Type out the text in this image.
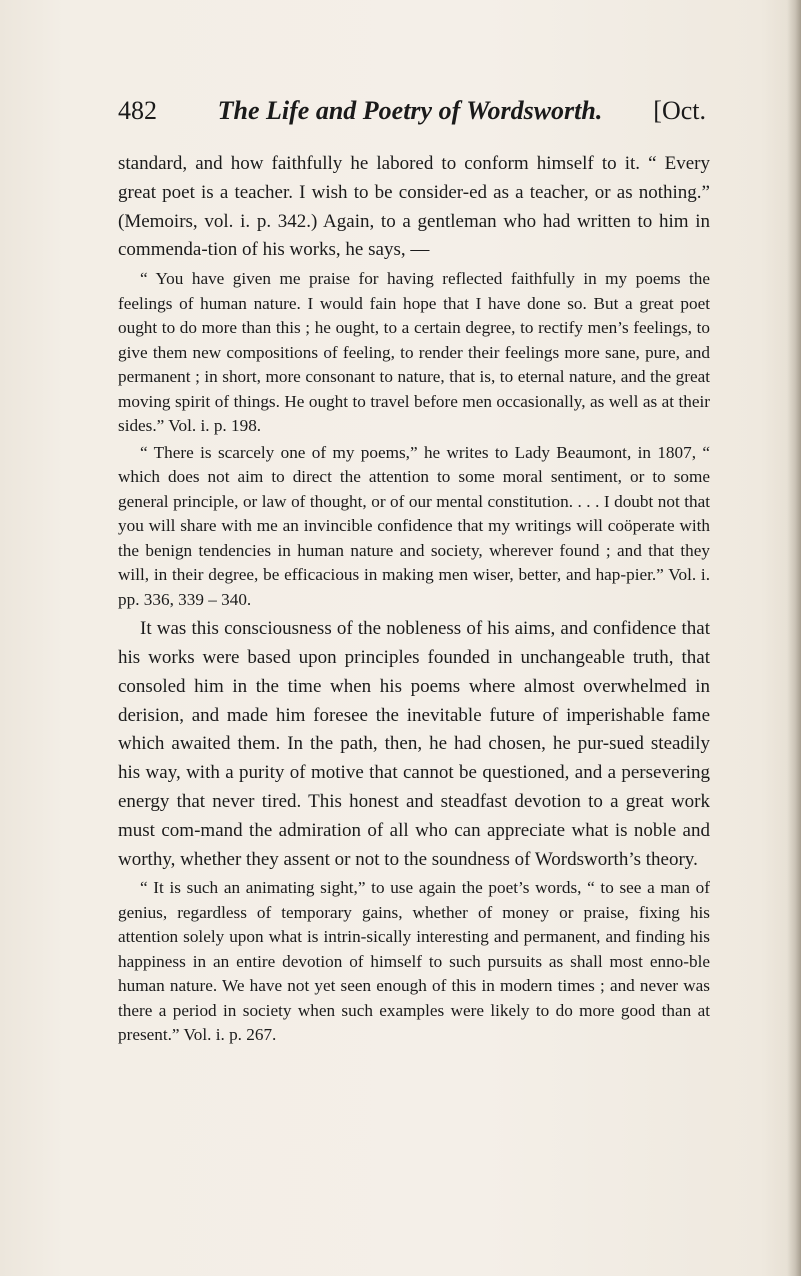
482	The Life and Poetry of Wordsworth.	[Oct.

standard, and how faithfully he labored to conform himself to it. “ Every great poet is a teacher. I wish to be consider-ed as a teacher, or as nothing.” (Memoirs, vol. i. p. 342.) Again, to a gentleman who had written to him in commenda-tion of his works, he says, —

“ You have given me praise for having reflected faithfully in my poems the feelings of human nature. I would fain hope that I have done so. But a great poet ought to do more than this ; he ought, to a certain degree, to rectify men’s feelings, to give them new compositions of feeling, to render their feelings more sane, pure, and permanent ; in short, more consonant to nature, that is, to eternal nature, and the great moving spirit of things. He ought to travel before men occasionally, as well as at their sides.” Vol. i. p. 198.

“ There is scarcely one of my poems,” he writes to Lady Beaumont, in 1807, “ which does not aim to direct the attention to some moral sentiment, or to some general principle, or law of thought, or of our mental constitution. . . . I doubt not that you will share with me an invincible confidence that my writings will coöperate with the benign tendencies in human nature and society, wherever found ; and that they will, in their degree, be efficacious in making men wiser, better, and hap-pier.” Vol. i. pp. 336, 339 – 340.

It was this consciousness of the nobleness of his aims, and confidence that his works were based upon principles founded in unchangeable truth, that consoled him in the time when his poems where almost overwhelmed in derision, and made him foresee the inevitable future of imperishable fame which awaited them. In the path, then, he had chosen, he pur-sued steadily his way, with a purity of motive that cannot be questioned, and a persevering energy that never tired. This honest and steadfast devotion to a great work must com-mand the admiration of all who can appreciate what is noble and worthy, whether they assent or not to the soundness of Wordsworth’s theory.

“ It is such an animating sight,” to use again the poet’s words, “ to see a man of genius, regardless of temporary gains, whether of money or praise, fixing his attention solely upon what is intrin-sically interesting and permanent, and finding his happiness in an entire devotion of himself to such pursuits as shall most enno-ble human nature. We have not yet seen enough of this in modern times ; and never was there a period in society when such examples were likely to do more good than at present.” Vol. i. p. 267.
